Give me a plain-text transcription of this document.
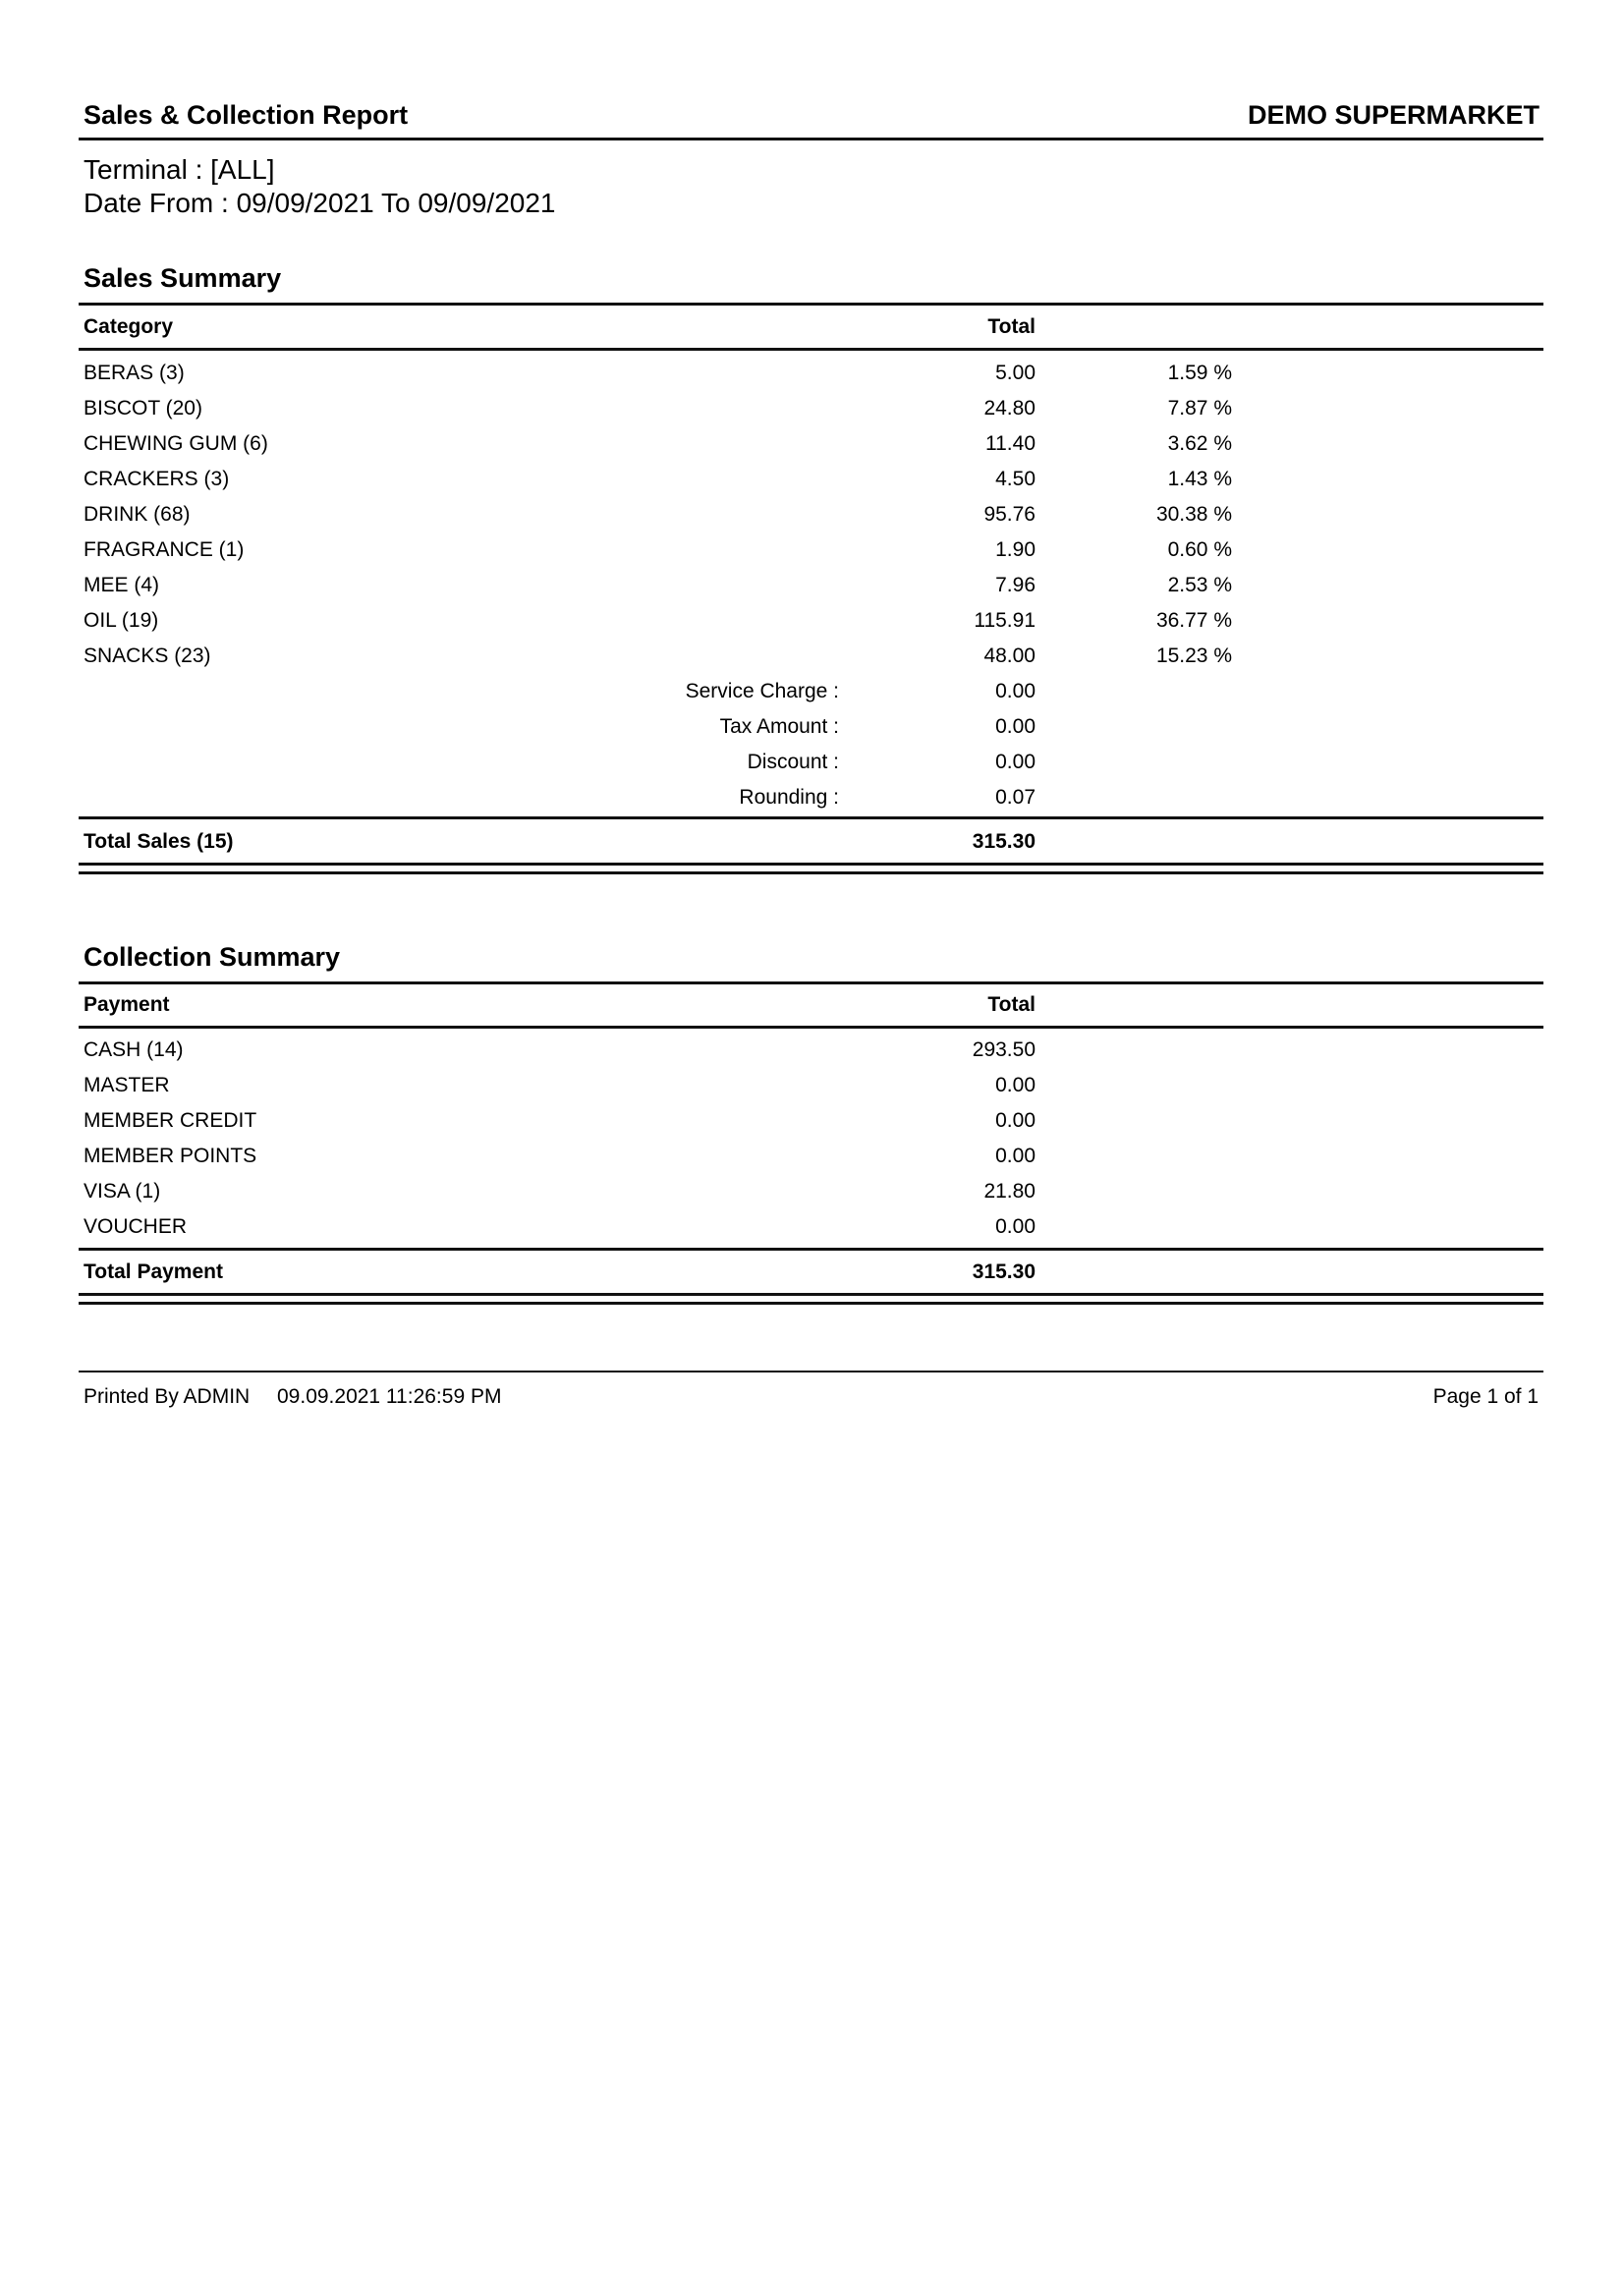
Sales & Collection Report	DEMO SUPERMARKET
Terminal : [ALL]
Date From : 09/09/2021 To 09/09/2021
Sales Summary
Category	Total
BERAS (3)	5.00	1.59 %
BISCOT (20)	24.80	7.87 %
CHEWING GUM (6)	11.40	3.62 %
CRACKERS (3)	4.50	1.43 %
DRINK (68)	95.76	30.38 %
FRAGRANCE (1)	1.90	0.60 %
MEE (4)	7.96	2.53 %
OIL (19)	115.91	36.77 %
SNACKS (23)	48.00	15.23 %
Service Charge :	0.00
Tax Amount :	0.00
Discount :	0.00
Rounding :	0.07
Total Sales (15)	315.30
Collection Summary
Payment	Total
CASH (14)	293.50
MASTER	0.00
MEMBER CREDIT	0.00
MEMBER POINTS	0.00
VISA (1)	21.80
VOUCHER	0.00
Total Payment	315.30
Printed By ADMIN 09.09.2021 11:26:59 PM	Page 1 of 1
